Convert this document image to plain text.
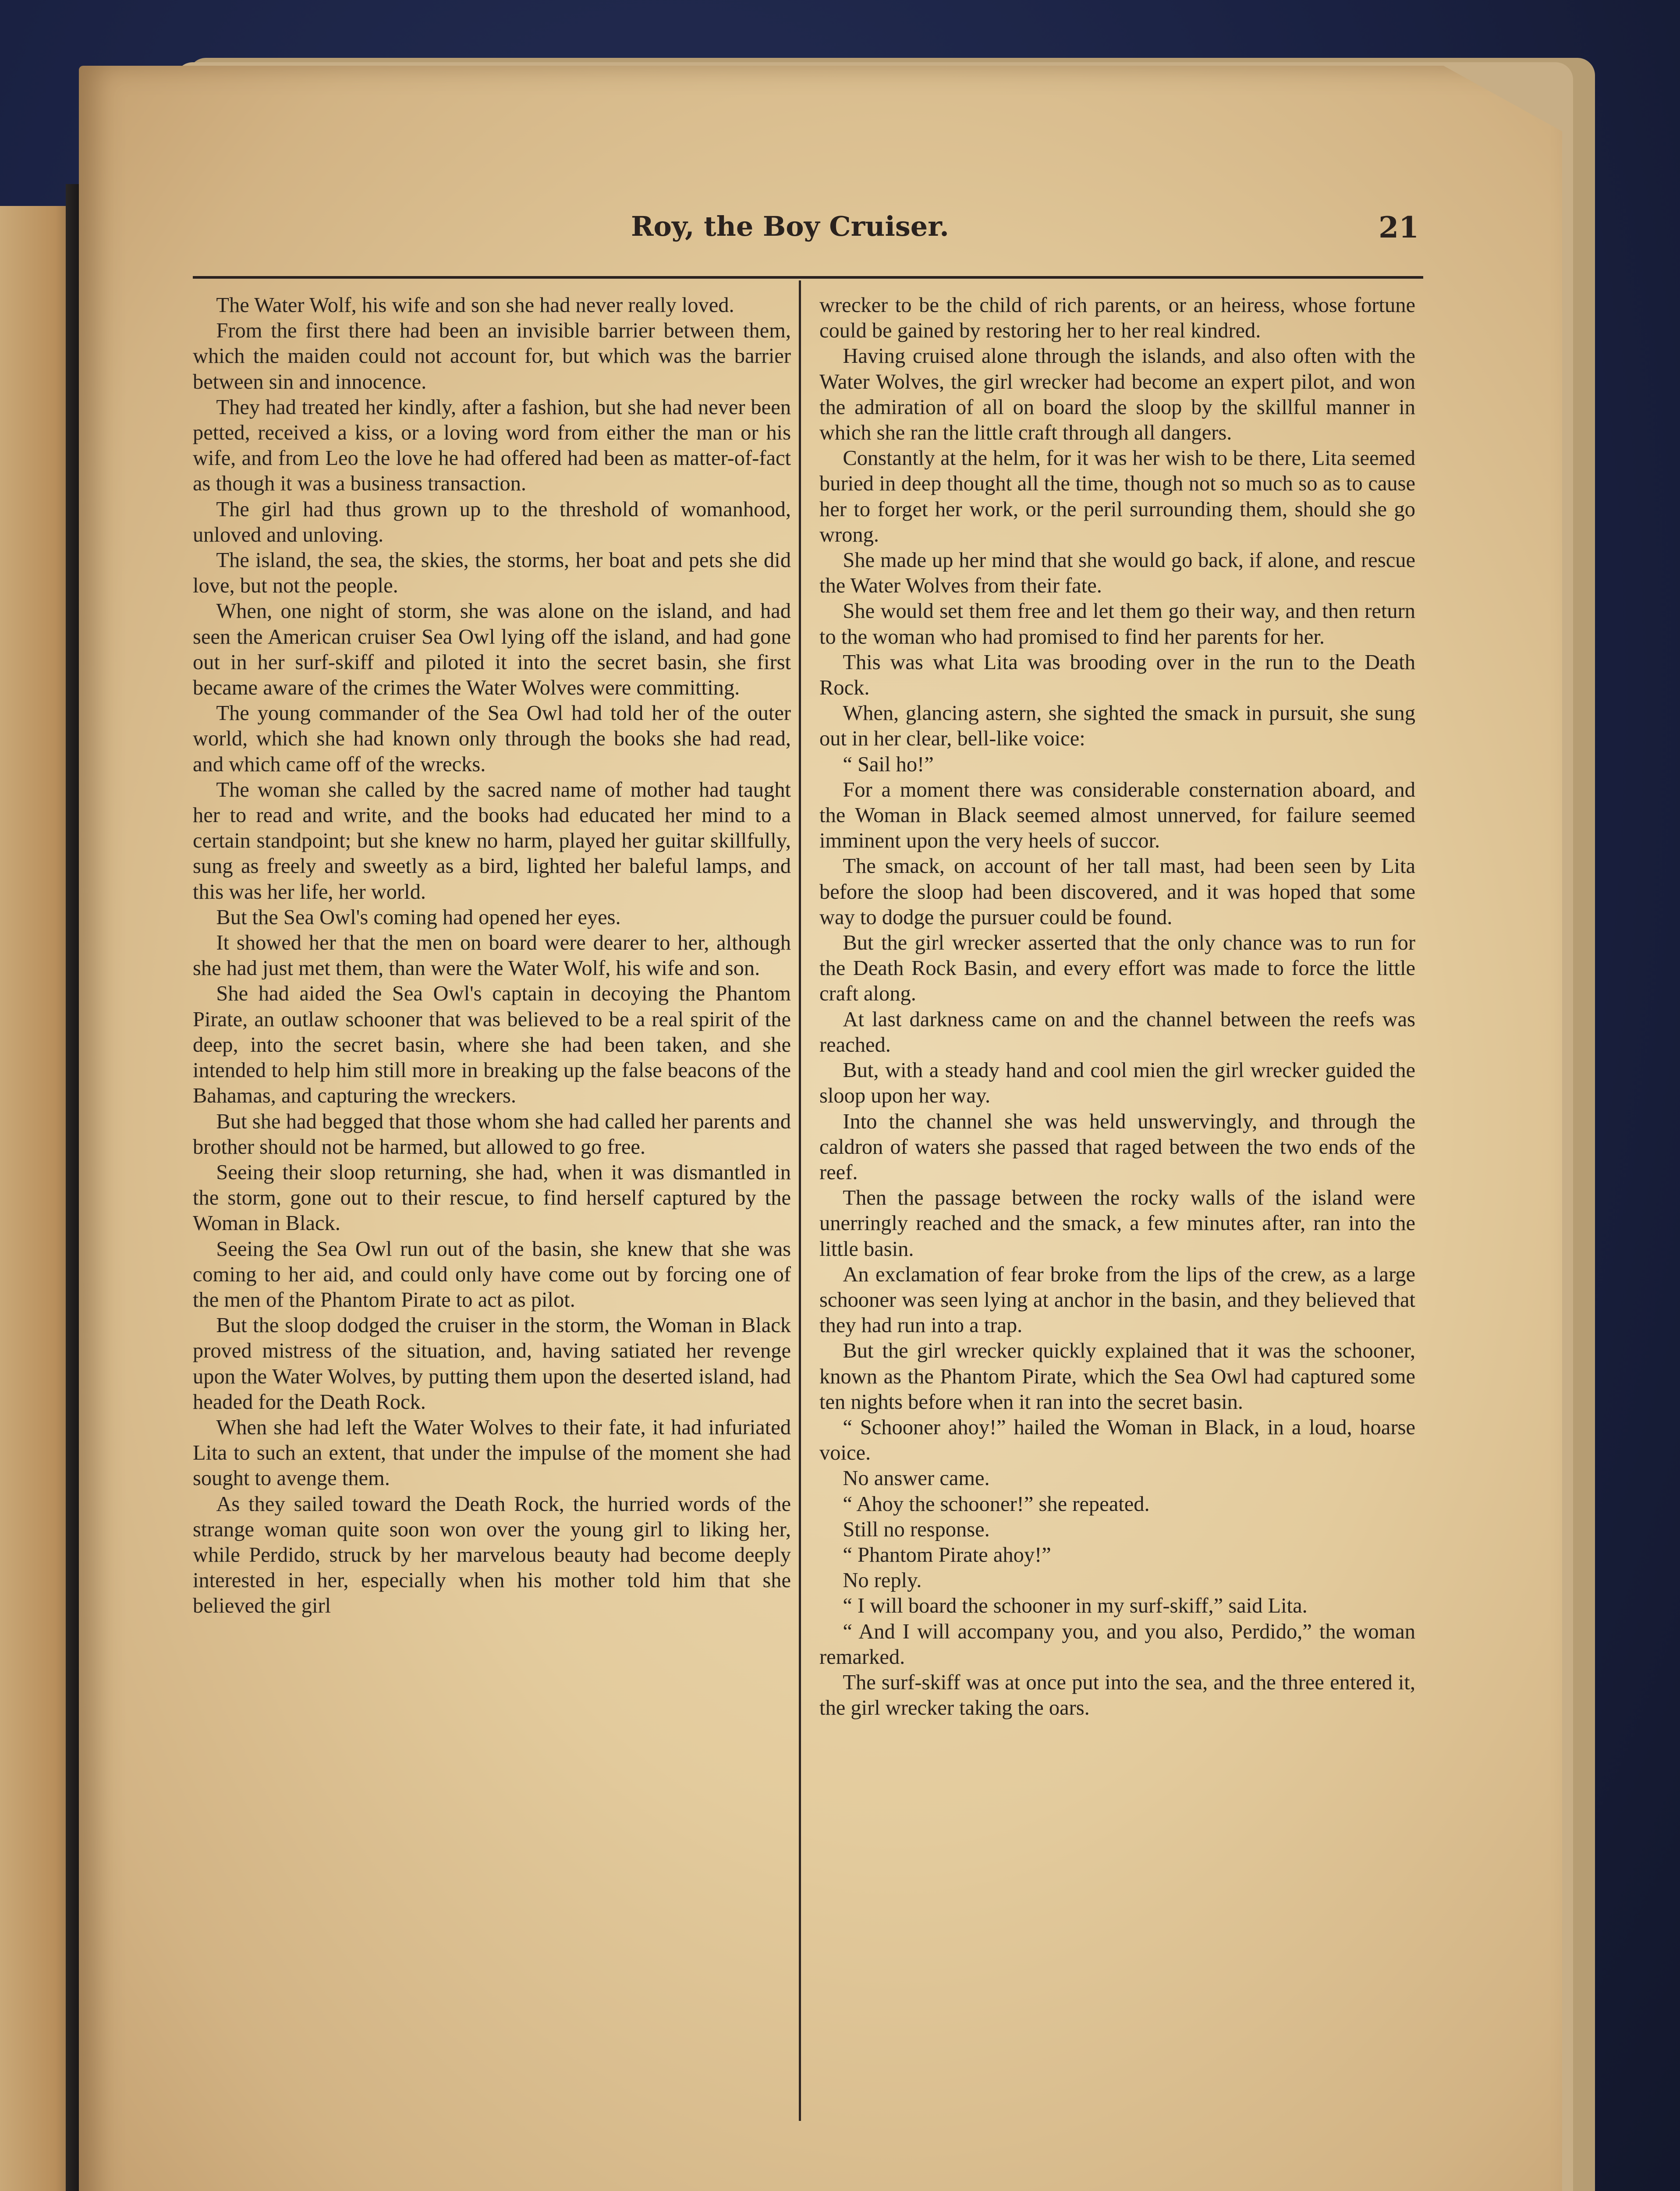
Roy, the Boy Cruiser.	21

The Water Wolf, his wife and son she had never really loved.

From the first there had been an invisible barrier between them, which the maiden could not account for, but which was the barrier between sin and innocence.

They had treated her kindly, after a fashion, but she had never been petted, received a kiss, or a loving word from either the man or his wife, and from Leo the love he had offered had been as matter-of-fact as though it was a business transaction.

The girl had thus grown up to the threshold of womanhood, unloved and unloving.

The island, the sea, the skies, the storms, her boat and pets she did love, but not the people.

When, one night of storm, she was alone on the island, and had seen the American cruiser Sea Owl lying off the island, and had gone out in her surf-skiff and piloted it into the secret basin, she first became aware of the crimes the Water Wolves were committing.

The young commander of the Sea Owl had told her of the outer world, which she had known only through the books she had read, and which came off of the wrecks.

The woman she called by the sacred name of mother had taught her to read and write, and the books had educated her mind to a certain standpoint; but she knew no harm, played her guitar skillfully, sung as freely and sweetly as a bird, lighted her baleful lamps, and this was her life, her world.

But the Sea Owl's coming had opened her eyes.

It showed her that the men on board were dearer to her, although she had just met them, than were the Water Wolf, his wife and son.

She had aided the Sea Owl's captain in decoying the Phantom Pirate, an outlaw schooner that was believed to be a real spirit of the deep, into the secret basin, where she had been taken, and she intended to help him still more in breaking up the false beacons of the Bahamas, and capturing the wreckers.

But she had begged that those whom she had called her parents and brother should not be harmed, but allowed to go free.

Seeing their sloop returning, she had, when it was dismantled in the storm, gone out to their rescue, to find herself captured by the Woman in Black.

Seeing the Sea Owl run out of the basin, she knew that she was coming to her aid, and could only have come out by forcing one of the men of the Phantom Pirate to act as pilot.

But the sloop dodged the cruiser in the storm, the Woman in Black proved mistress of the situation, and, having satiated her revenge upon the Water Wolves, by putting them upon the deserted island, had headed for the Death Rock.

When she had left the Water Wolves to their fate, it had infuriated Lita to such an extent, that under the impulse of the moment she had sought to avenge them.

As they sailed toward the Death Rock, the hurried words of the strange woman quite soon won over the young girl to liking her, while Perdido, struck by her marvelous beauty had become deeply interested in her, especially when his mother told him that she believed the girl

wrecker to be the child of rich parents, or an heiress, whose fortune could be gained by restoring her to her real kindred.

Having cruised alone through the islands, and also often with the Water Wolves, the girl wrecker had become an expert pilot, and won the admiration of all on board the sloop by the skillful manner in which she ran the little craft through all dangers.

Constantly at the helm, for it was her wish to be there, Lita seemed buried in deep thought all the time, though not so much so as to cause her to forget her work, or the peril surrounding them, should she go wrong.

She made up her mind that she would go back, if alone, and rescue the Water Wolves from their fate.

She would set them free and let them go their way, and then return to the woman who had promised to find her parents for her.

This was what Lita was brooding over in the run to the Death Rock.

When, glancing astern, she sighted the smack in pursuit, she sung out in her clear, bell-like voice:

“ Sail ho!”

For a moment there was considerable consternation aboard, and the Woman in Black seemed almost unnerved, for failure seemed imminent upon the very heels of succor.

The smack, on account of her tall mast, had been seen by Lita before the sloop had been discovered, and it was hoped that some way to dodge the pursuer could be found.

But the girl wrecker asserted that the only chance was to run for the Death Rock Basin, and every effort was made to force the little craft along.

At last darkness came on and the channel between the reefs was reached.

But, with a steady hand and cool mien the girl wrecker guided the sloop upon her way.

Into the channel she was held unswervingly, and through the caldron of waters she passed that raged between the two ends of the reef.

Then the passage between the rocky walls of the island were unerringly reached and the smack, a few minutes after, ran into the little basin.

An exclamation of fear broke from the lips of the crew, as a large schooner was seen lying at anchor in the basin, and they believed that they had run into a trap.

But the girl wrecker quickly explained that it was the schooner, known as the Phantom Pirate, which the Sea Owl had captured some ten nights before when it ran into the secret basin.

“ Schooner ahoy!” hailed the Woman in Black, in a loud, hoarse voice.

No answer came.

“ Ahoy the schooner!” she repeated.

Still no response.

“ Phantom Pirate ahoy!”

No reply.

“ I will board the schooner in my surf-skiff,” said Lita.

“ And I will accompany you, and you also, Perdido,” the woman remarked.

The surf-skiff was at once put into the sea, and the three entered it, the girl wrecker taking the oars.
